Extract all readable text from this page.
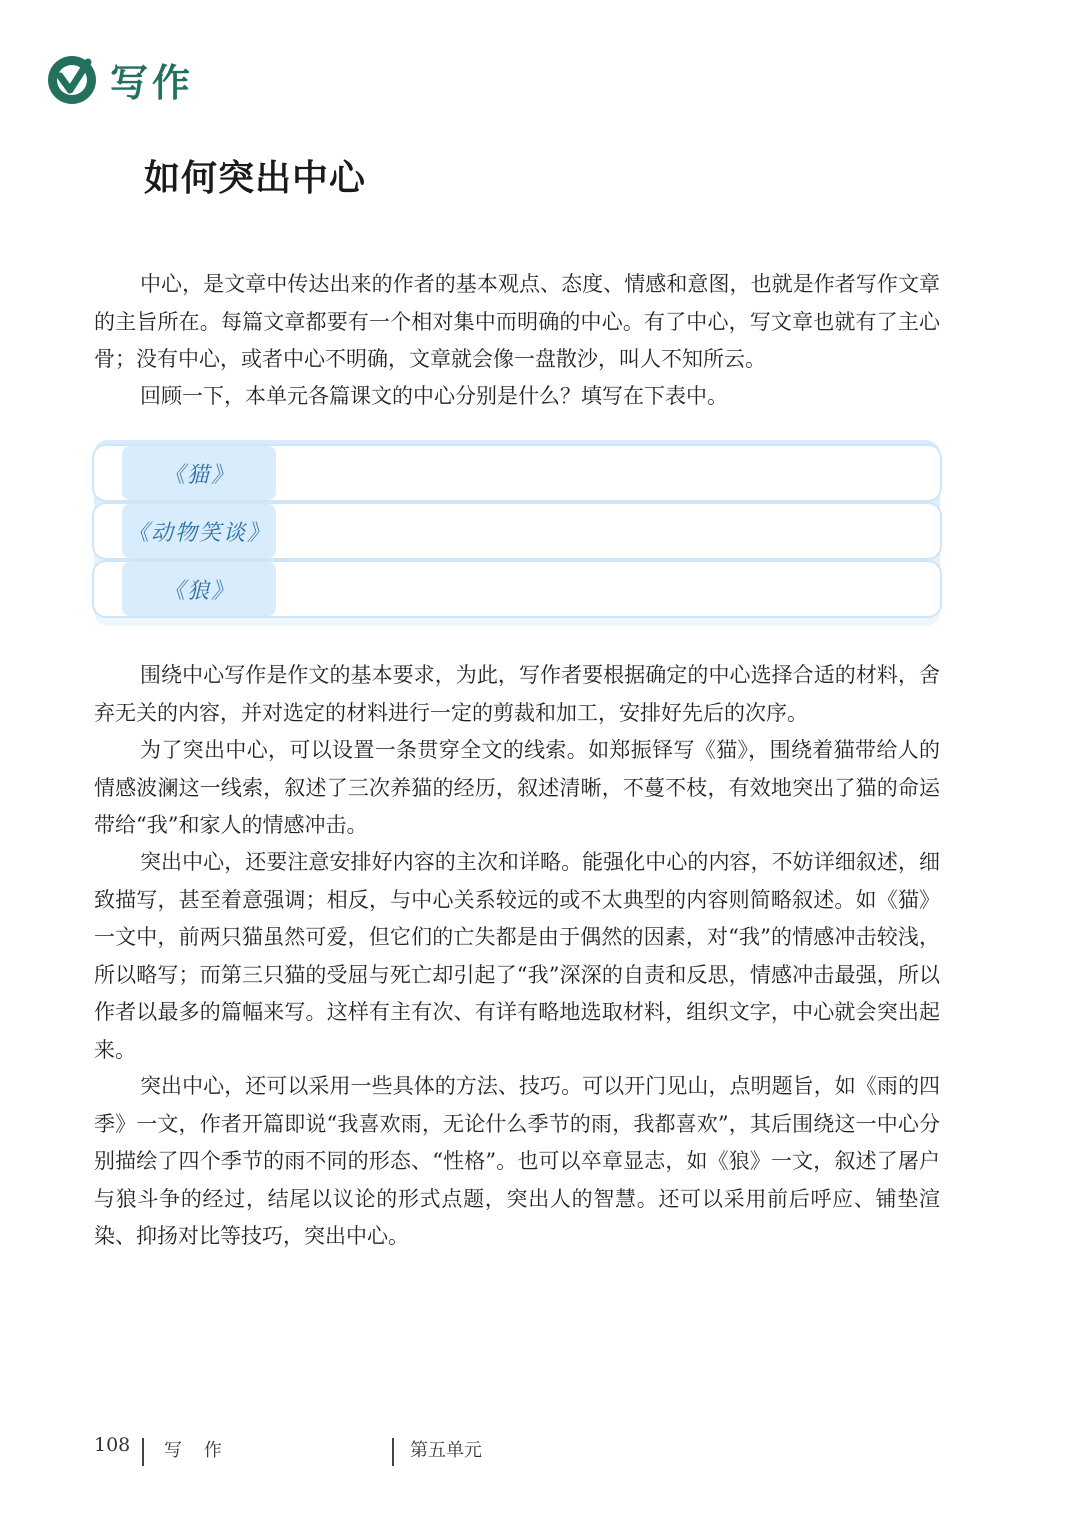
写作
如何突出中心

中心，是文章中传达出来的作者的基本观点、态度、情感和意图，也就是作者写作文章的主旨所在。每篇文章都要有一个相对集中而明确的中心。有了中心，写文章也就有了主心骨；没有中心，或者中心不明确，文章就会像一盘散沙，叫人不知所云。

回顾一下，本单元各篇课文的中心分别是什么？填写在下表中。

《猫》
《动物笑谈》
《狼》

围绕中心写作是作文的基本要求，为此，写作者要根据确定的中心选择合适的材料，舍弃无关的内容，并对选定的材料进行一定的剪裁和加工，安排好先后的次序。

为了突出中心，可以设置一条贯穿全文的线索。如郑振铎写《猫》，围绕着猫带给人的情感波澜这一线索，叙述了三次养猫的经历，叙述清晰，不蔓不枝，有效地突出了猫的命运带给“我”和家人的情感冲击。

突出中心，还要注意安排好内容的主次和详略。能强化中心的内容，不妨详细叙述，细致描写，甚至着意强调；相反，与中心关系较远的或不太典型的内容则简略叙述。如《猫》一文中，前两只猫虽然可爱，但它们的亡失都是由于偶然的因素，对“我”的情感冲击较浅，所以略写；而第三只猫的受屈与死亡却引起了“我”深深的自责和反思，情感冲击最强，所以作者以最多的篇幅来写。这样有主有次、有详有略地选取材料，组织文字，中心就会突出起来。

突出中心，还可以采用一些具体的方法、技巧。可以开门见山，点明题旨，如《雨的四季》一文，作者开篇即说“我喜欢雨，无论什么季节的雨，我都喜欢”，其后围绕这一中心分别描绘了四个季节的雨不同的形态、“性格”。也可以卒章显志，如《狼》一文，叙述了屠户与狼斗争的经过，结尾以议论的形式点题，突出人的智慧。还可以采用前后呼应、铺垫渲染、抑扬对比等技巧，突出中心。

108 写 作	第五单元
